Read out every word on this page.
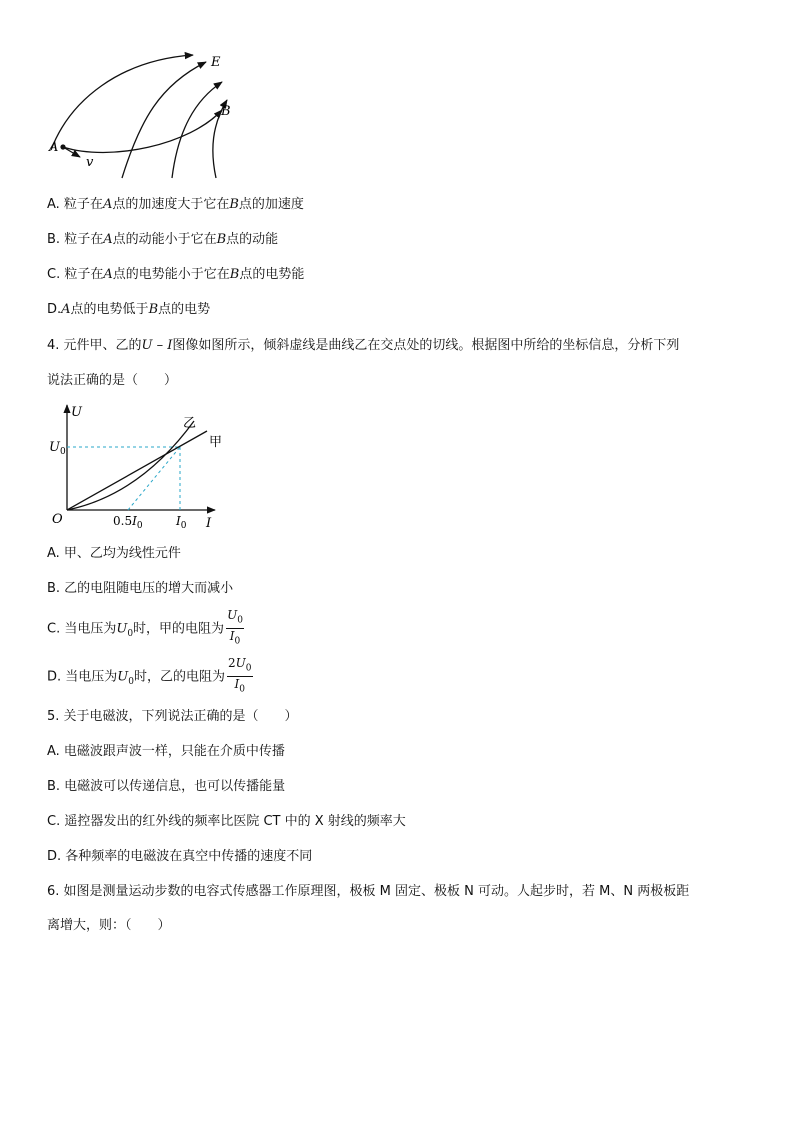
E
B
A
v
A. 粒子在A点的加速度大于它在B点的加速度
B. 粒子在A点的动能小于它在B点的动能
C. 粒子在A点的电势能小于它在B点的电势能
D.A点的电势低于B点的电势
4. 元件甲、乙的U – I图像如图所示，倾斜虚线是曲线乙在交点处的切线。根据图中所给的坐标信息，分析下列
说法正确的是（　　）
U
I
O
$U_0$
$0.5I_0$	$I_0$
乙
甲
A. 甲、乙均为线性元件
B. 乙的电阻随电压的增大而减小
C. 当电压为$U_0$时，甲的电阻为 $\frac{U_0}{I_0}$
D. 当电压为$U_0$时，乙的电阻为 $\frac{2U_0}{I_0}$
5. 关于电磁波，下列说法正确的是（　　）
A. 电磁波跟声波一样，只能在介质中传播
B. 电磁波可以传递信息，也可以传播能量
C. 遥控器发出的红外线的频率比医院 CT 中的 X 射线的频率大
D. 各种频率的电磁波在真空中传播的速度不同
6. 如图是测量运动步数的电容式传感器工作原理图，极板 M 固定、极板 N 可动。人起步时，若 M、N 两极板距
离增大，则：（　　）
